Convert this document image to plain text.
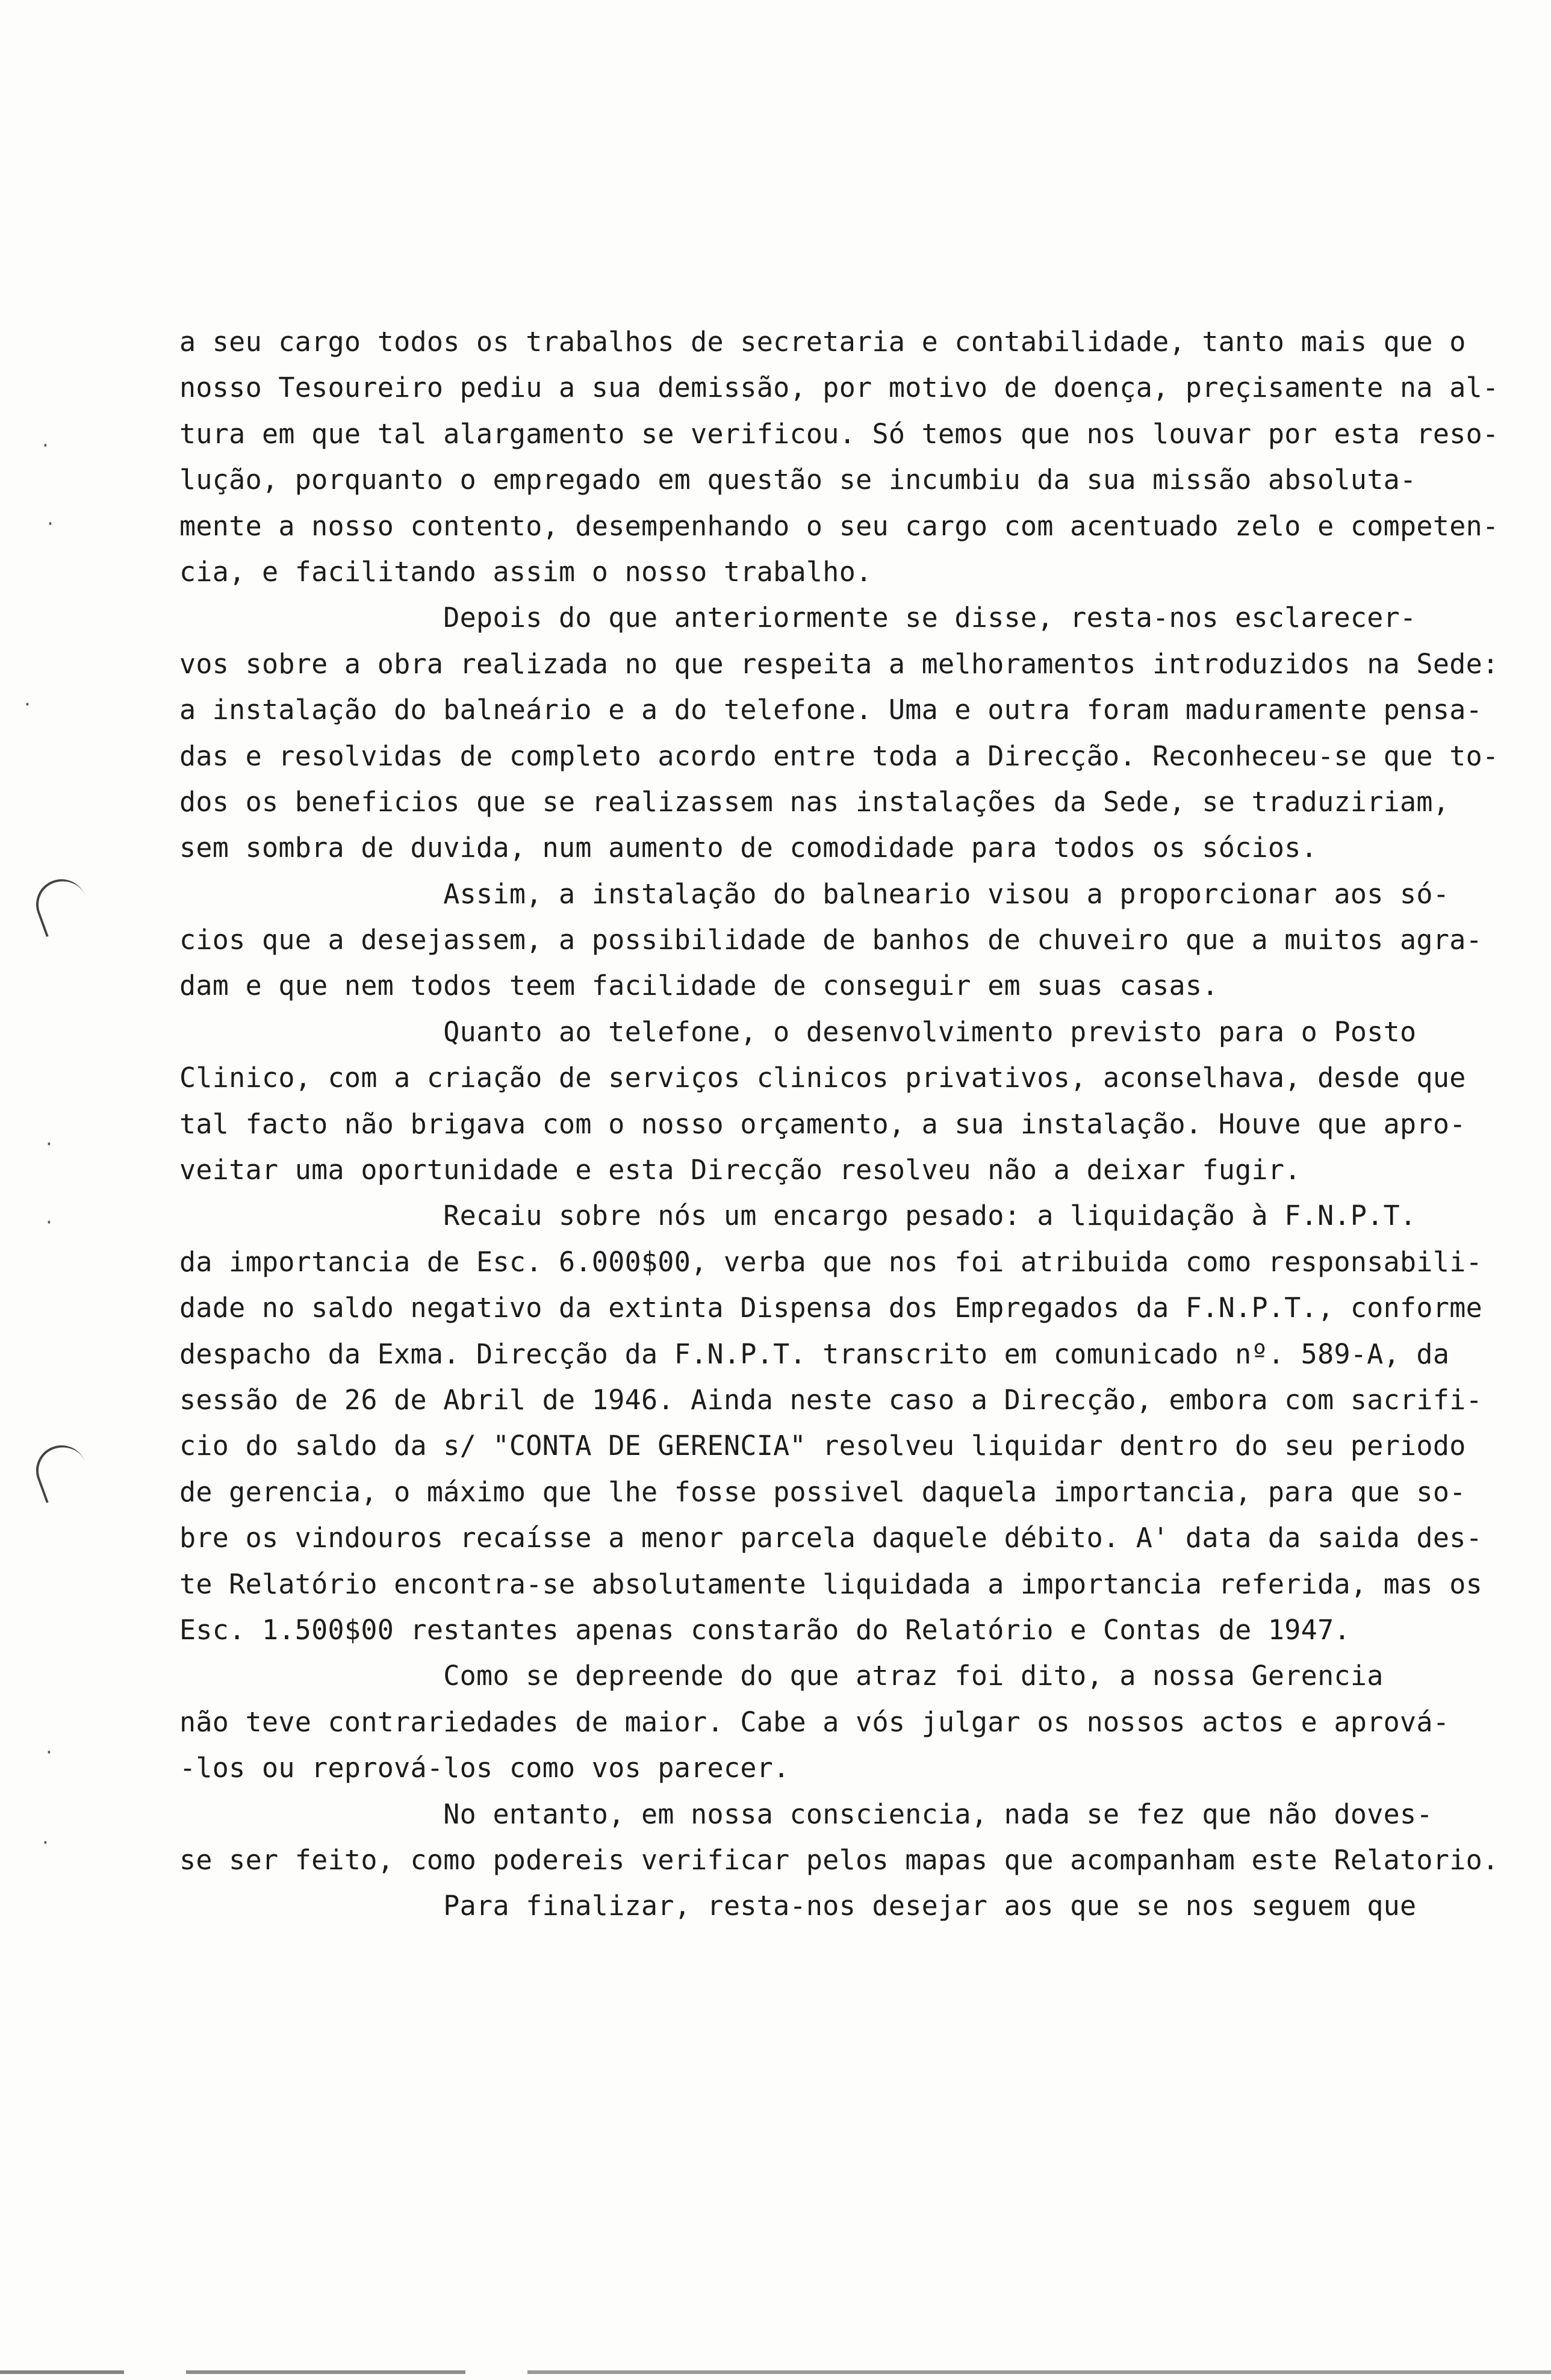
a seu cargo todos os trabalhos de secretaria e contabilidade, tanto mais que o
nosso Tesoureiro pediu a sua demissão, por motivo de doença, preçisamente na al-
tura em que tal alargamento se verificou. Só temos que nos louvar por esta reso-
lução, porquanto o empregado em questão se incumbiu da sua missão absoluta-
mente a nosso contento, desempenhando o seu cargo com acentuado zelo e competen-
cia, e facilitando assim o nosso trabalho.
Depois do que anteriormente se disse, resta-nos esclarecer-
vos sobre a obra realizada no que respeita a melhoramentos introduzidos na Sede:
a instalação do balneário e a do telefone. Uma e outra foram maduramente pensa-
das e resolvidas de completo acordo entre toda a Direcção. Reconheceu-se que to-
dos os beneficios que se realizassem nas instalações da Sede, se traduziriam,
sem sombra de duvida, num aumento de comodidade para todos os sócios.
Assim, a instalação do balneario visou a proporcionar aos só-
cios que a desejassem, a possibilidade de banhos de chuveiro que a muitos agra-
dam e que nem todos teem facilidade de conseguir em suas casas.
Quanto ao telefone, o desenvolvimento previsto para o Posto
Clinico, com a criação de serviços clinicos privativos, aconselhava, desde que
tal facto não brigava com o nosso orçamento, a sua instalação. Houve que apro-
veitar uma oportunidade e esta Direcção resolveu não a deixar fugir.
Recaiu sobre nós um encargo pesado: a liquidação à F.N.P.T.
da importancia de Esc. 6.000$00, verba que nos foi atribuida como responsabili-
dade no saldo negativo da extinta Dispensa dos Empregados da F.N.P.T., conforme
despacho da Exma. Direcção da F.N.P.T. transcrito em comunicado nº. 589-A, da
sessão de 26 de Abril de 1946. Ainda neste caso a Direcção, embora com sacrifi-
cio do saldo da s/ "CONTA DE GERENCIA" resolveu liquidar dentro do seu periodo
de gerencia, o máximo que lhe fosse possivel daquela importancia, para que so-
bre os vindouros recaísse a menor parcela daquele débito. A' data da saida des-
te Relatório encontra-se absolutamente liquidada a importancia referida, mas os
Esc. 1.500$00 restantes apenas constarão do Relatório e Contas de 1947.
Como se depreende do que atraz foi dito, a nossa Gerencia
não teve contrariedades de maior. Cabe a vós julgar os nossos actos e aprová-
-los ou reprová-los como vos parecer.
No entanto, em nossa consciencia, nada se fez que não doves-
se ser feito, como podereis verificar pelos mapas que acompanham este Relatorio.
Para finalizar, resta-nos desejar aos que se nos seguem que
·
·
·
·
·
·
·
